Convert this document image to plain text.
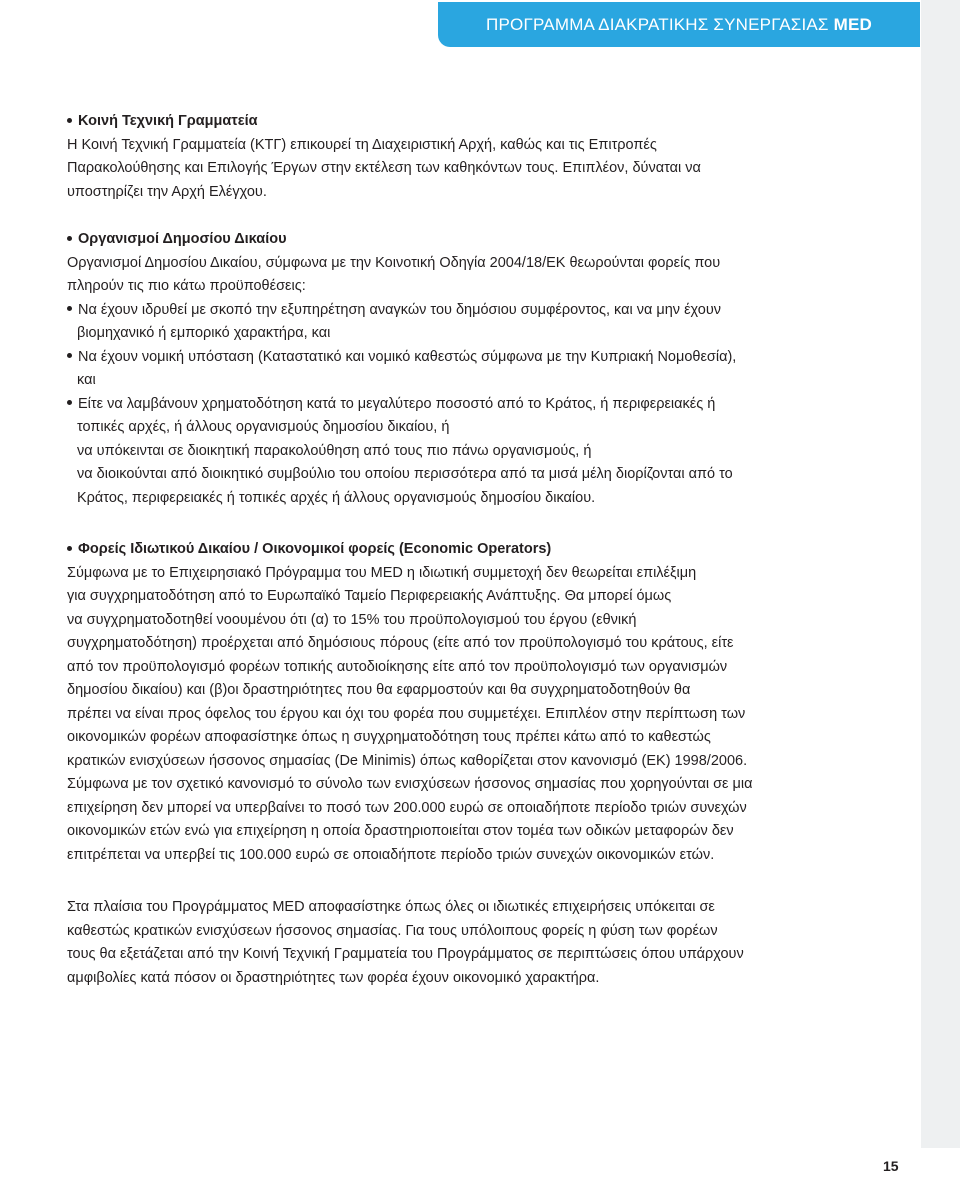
ΠΡΟΓΡΑΜΜΑ ΔΙΑΚΡΑΤΙΚΗΣ ΣΥΝΕΡΓΑΣΙΑΣ MED
Κοινή Τεχνική Γραμματεία
Η Κοινή Τεχνική Γραμματεία (ΚΤΓ) επικουρεί τη Διαχειριστική Αρχή, καθώς και τις Επιτροπές
Παρακολούθησης και Επιλογής Έργων στην εκτέλεση των καθηκόντων τους. Επιπλέον, δύναται να
υποστηρίζει την Αρχή Ελέγχου.
Οργανισμοί Δημοσίου Δικαίου
Οργανισμοί Δημοσίου Δικαίου, σύμφωνα με την Κοινοτική Οδηγία 2004/18/ΕΚ θεωρούνται φορείς που
πληρούν τις πιο κάτω προϋποθέσεις:
Να έχουν ιδρυθεί με σκοπό την εξυπηρέτηση αναγκών του δημόσιου συμφέροντος, και να μην έχουν
βιομηχανικό ή εμπορικό χαρακτήρα, και
Να έχουν νομική υπόσταση (Καταστατικό και νομικό καθεστώς σύμφωνα με την Κυπριακή Νομοθεσία),
και
Είτε να λαμβάνουν χρηματοδότηση κατά το μεγαλύτερο ποσοστό από το Κράτος, ή περιφερειακές ή
τοπικές αρχές, ή άλλους οργανισμούς δημοσίου δικαίου, ή
να υπόκεινται σε διοικητική παρακολούθηση από τους πιο πάνω οργανισμούς, ή
να διοικούνται από διοικητικό συμβούλιο του οποίου περισσότερα από τα μισά μέλη διορίζονται από το
Κράτος, περιφερειακές ή τοπικές αρχές ή άλλους οργανισμούς δημοσίου δικαίου.
Φορείς Ιδιωτικού Δικαίου / Οικονομικοί φορείς (Economic Operators)
Σύμφωνα με το Επιχειρησιακό Πρόγραμμα του MED η ιδιωτική συμμετοχή δεν θεωρείται επιλέξιμη
για συγχρηματοδότηση από το Ευρωπαϊκό Ταμείο Περιφερειακής Ανάπτυξης. Θα μπορεί όμως
να συγχρηματοδοτηθεί νοουμένου ότι (α) το 15% του προϋπολογισμού του έργου (εθνική
συγχρηματοδότηση) προέρχεται από δημόσιους πόρους (είτε από τον προϋπολογισμό του κράτους, είτε
από τον προϋπολογισμό φορέων τοπικής αυτοδιοίκησης είτε από τον προϋπολογισμό των οργανισμών
δημοσίου δικαίου) και (β)οι δραστηριότητες που θα εφαρμοστούν και θα συγχρηματοδοτηθούν θα
πρέπει να είναι προς όφελος του έργου και όχι του φορέα που συμμετέχει. Επιπλέον στην περίπτωση των
οικονομικών φορέων αποφασίστηκε όπως η συγχρηματοδότηση τους πρέπει κάτω από το καθεστώς
κρατικών ενισχύσεων ήσσονος σημασίας (De Minimis) όπως καθορίζεται στον κανονισμό (ΕΚ) 1998/2006.
Σύμφωνα με τον σχετικό κανονισμό το σύνολο των ενισχύσεων ήσσονος σημασίας που χορηγούνται σε μια
επιχείρηση δεν μπορεί να υπερβαίνει το ποσό των 200.000 ευρώ σε οποιαδήποτε περίοδο τριών συνεχών
οικονομικών ετών ενώ για επιχείρηση η οποία δραστηριοποιείται στον τομέα των οδικών μεταφορών δεν
επιτρέπεται να υπερβεί τις 100.000 ευρώ σε οποιαδήποτε περίοδο τριών συνεχών οικονομικών ετών.
Στα πλαίσια του Προγράμματος MED αποφασίστηκε όπως όλες οι ιδιωτικές επιχειρήσεις υπόκειται σε
καθεστώς κρατικών ενισχύσεων ήσσονος σημασίας. Για τους υπόλοιπους φορείς η φύση των φορέων
τους θα εξετάζεται από την Κοινή Τεχνική Γραμματεία του Προγράμματος σε περιπτώσεις όπου υπάρχουν
αμφιβολίες κατά πόσον οι δραστηριότητες των φορέα έχουν οικονομικό χαρακτήρα.
15
